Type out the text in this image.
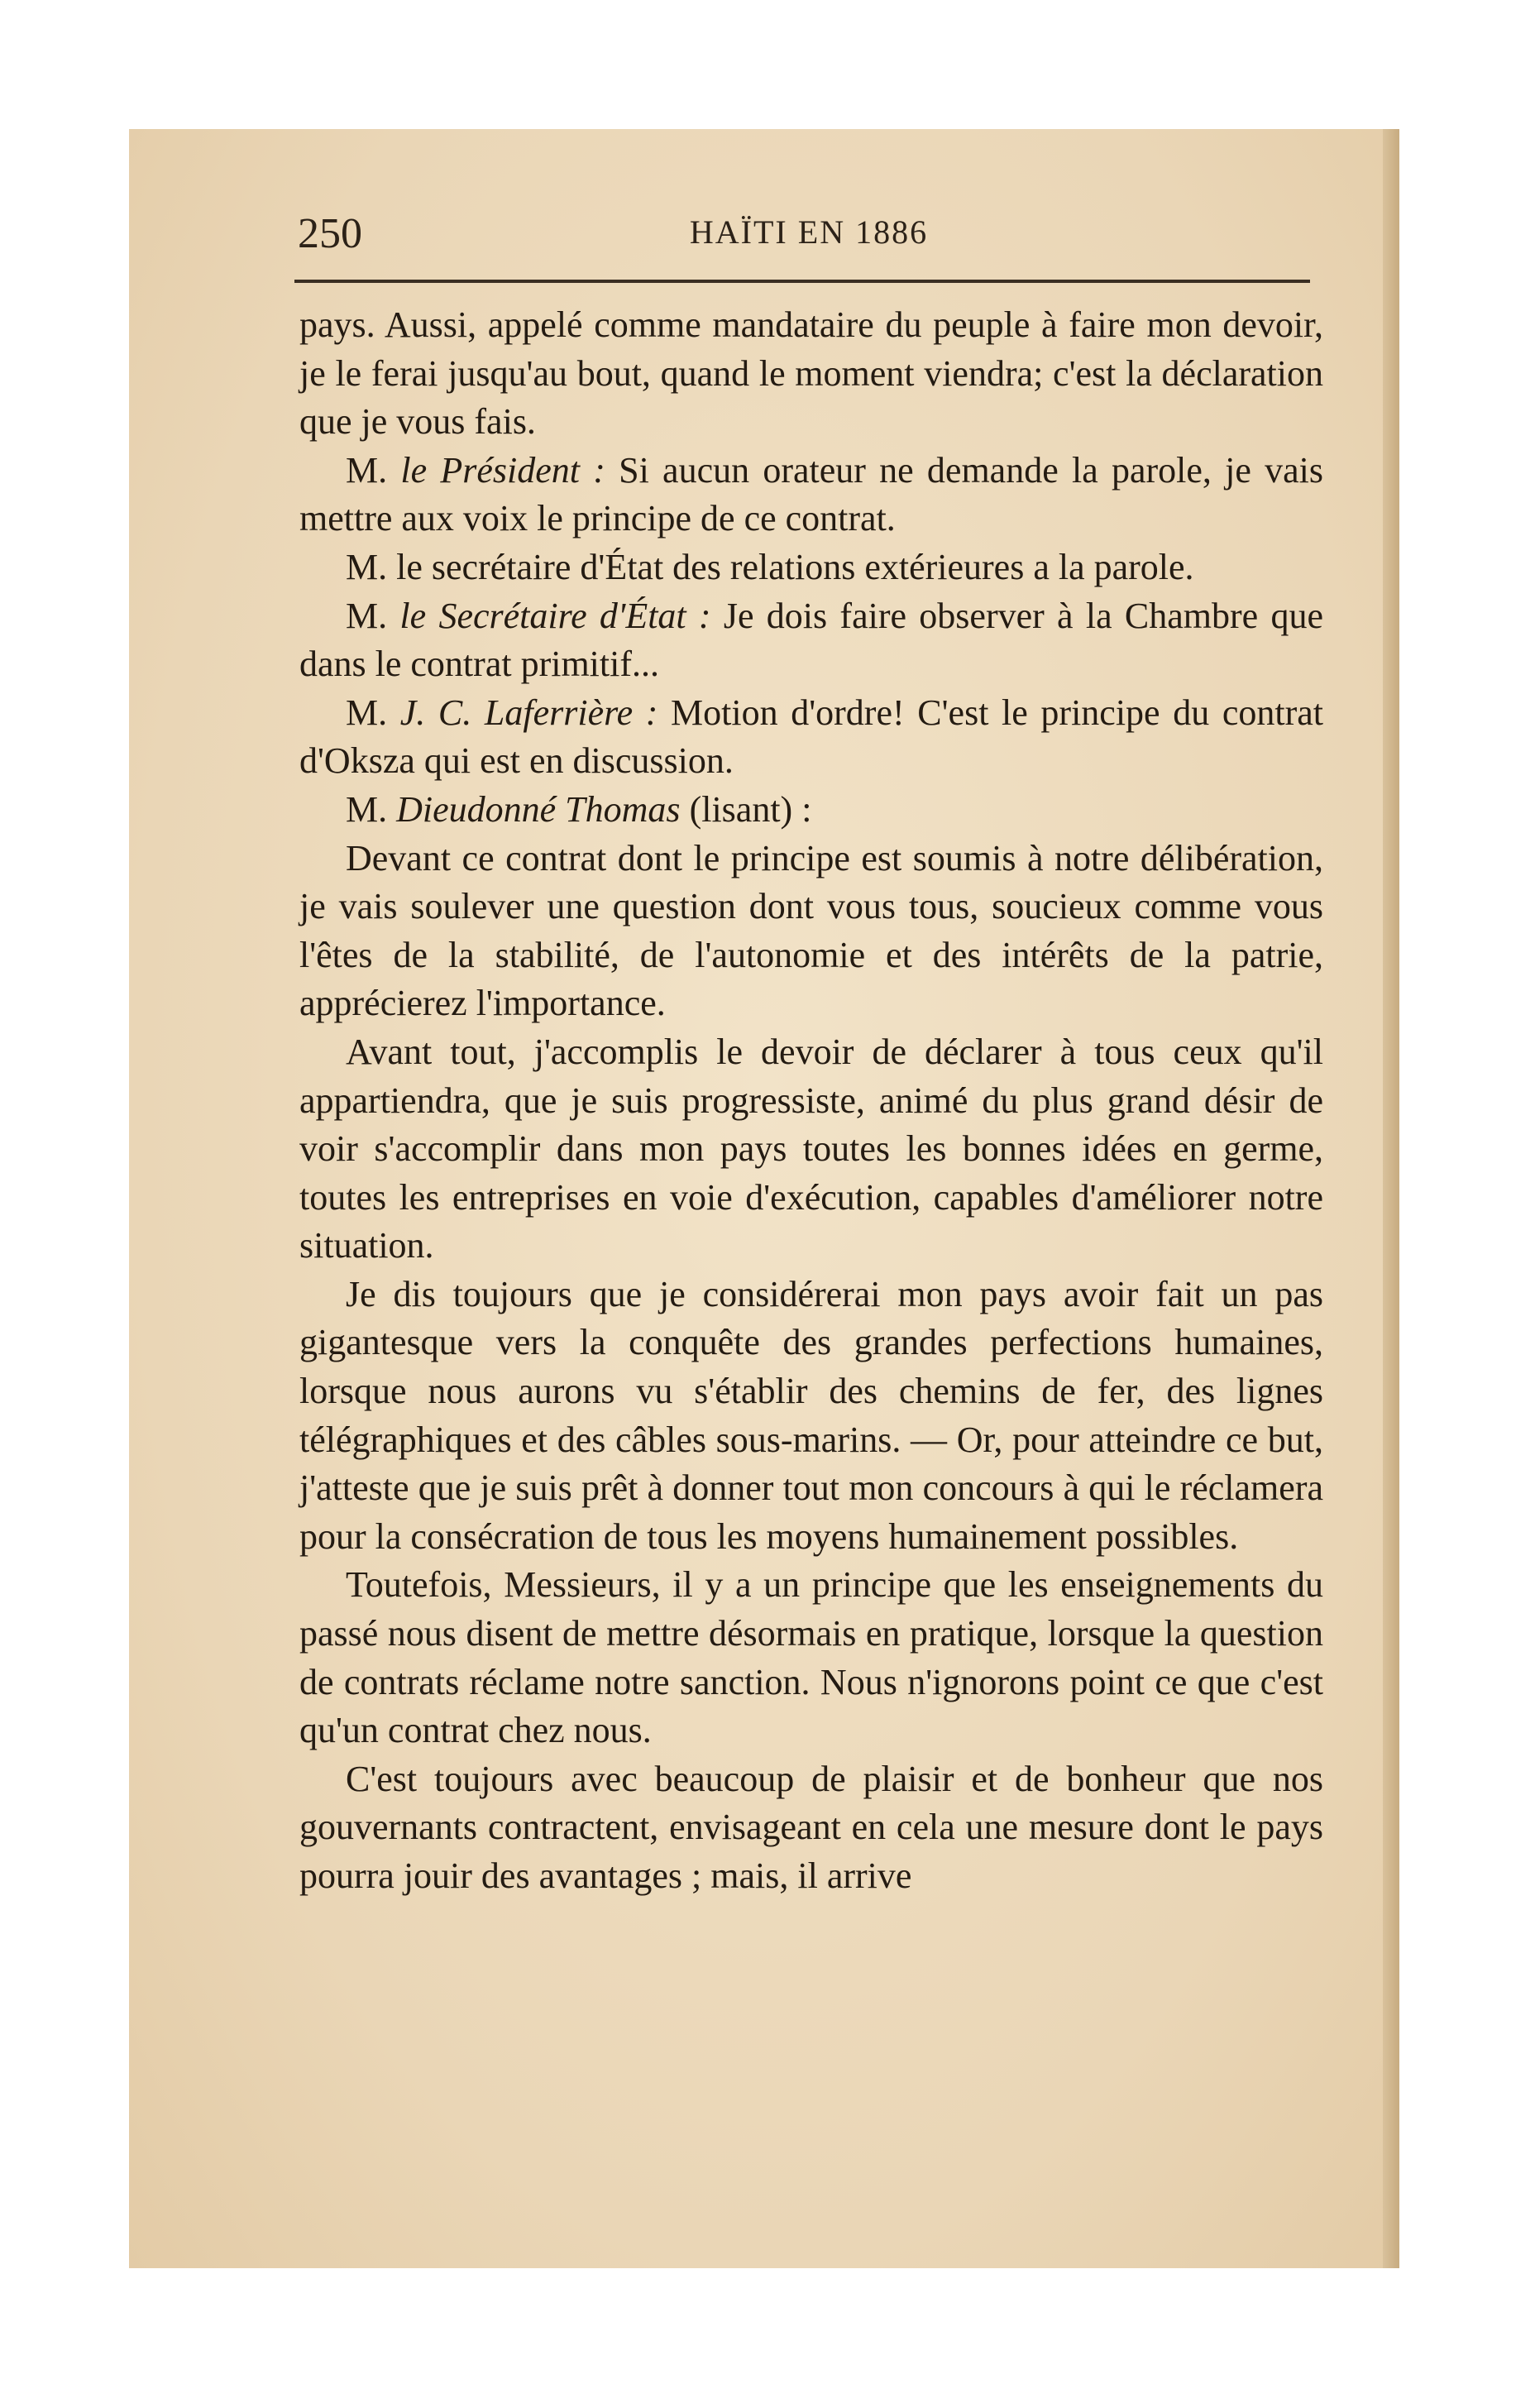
250	HAÏTI EN 1886

pays. Aussi, appelé comme mandataire du peuple à faire mon devoir, je le ferai jusqu'au bout, quand le moment viendra; c'est la déclaration que je vous fais.

M. le Président : Si aucun orateur ne demande la parole, je vais mettre aux voix le principe de ce contrat.

M. le secrétaire d'État des relations extérieures a la parole.

M. le Secrétaire d'État : Je dois faire observer à la Chambre que dans le contrat primitif...

M. J. C. Laferrière : Motion d'ordre! C'est le principe du contrat d'Oksza qui est en discussion.

M. Dieudonné Thomas (lisant) :

Devant ce contrat dont le principe est soumis à notre délibération, je vais soulever une question dont vous tous, soucieux comme vous l'êtes de la stabilité, de l'autonomie et des intérêts de la patrie, apprécierez l'importance.

Avant tout, j'accomplis le devoir de déclarer à tous ceux qu'il appartiendra, que je suis progressiste, animé du plus grand désir de voir s'accomplir dans mon pays toutes les bonnes idées en germe, toutes les entreprises en voie d'exécution, capables d'améliorer notre situation.

Je dis toujours que je considérerai mon pays avoir fait un pas gigantesque vers la conquête des grandes perfections humaines, lorsque nous aurons vu s'établir des chemins de fer, des lignes télégraphiques et des câbles sous-marins. — Or, pour atteindre ce but, j'atteste que je suis prêt à donner tout mon concours à qui le réclamera pour la consécration de tous les moyens humainement possibles.

Toutefois, Messieurs, il y a un principe que les enseignements du passé nous disent de mettre désormais en pratique, lorsque la question de contrats réclame notre sanction. Nous n'ignorons point ce que c'est qu'un contrat chez nous.

C'est toujours avec beaucoup de plaisir et de bonheur que nos gouvernants contractent, envisageant en cela une mesure dont le pays pourra jouir des avantages ; mais, il arrive
